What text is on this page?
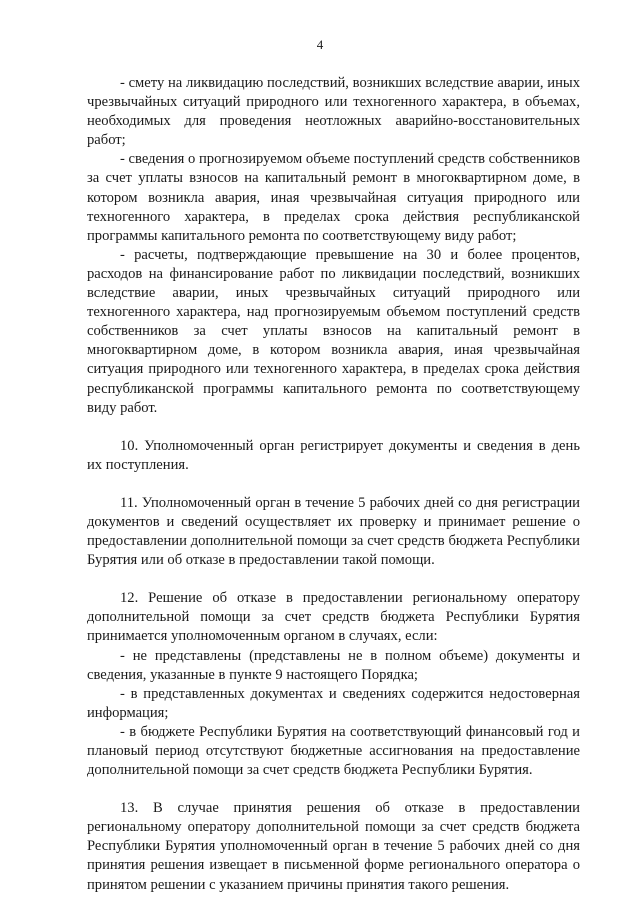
4

- смету на ликвидацию последствий, возникших вследствие аварии, иных чрезвычайных ситуаций природного или техногенного характера, в объемах, необходимых для проведения неотложных аварийно-восстановительных работ;

- сведения о прогнозируемом объеме поступлений средств собственников за счет уплаты взносов на капитальный ремонт в многоквартирном доме, в котором возникла авария, иная чрезвычайная ситуация природного или техногенного характера, в пределах срока действия республиканской программы капитального ремонта по соответствующему виду работ;

- расчеты, подтверждающие превышение на 30 и более процентов, расходов на финансирование работ по ликвидации последствий, возникших вследствие аварии, иных чрезвычайных ситуаций природного или техногенного характера, над прогнозируемым объемом поступлений средств собственников за счет уплаты взносов на капитальный ремонт в многоквартирном доме, в котором возникла авария, иная чрезвычайная ситуация природного или техногенного характера, в пределах срока действия республиканской программы капитального ремонта по соответствующему виду работ.

10. Уполномоченный орган регистрирует документы и сведения в день их поступления.

11. Уполномоченный орган в течение 5 рабочих дней со дня регистрации документов и сведений осуществляет их проверку и принимает решение о предоставлении дополнительной помощи за счет средств бюджета Республики Бурятия или об отказе в предоставлении такой помощи.

12. Решение об отказе в предоставлении региональному оператору дополнительной помощи за счет средств бюджета Республики Бурятия принимается уполномоченным органом в случаях, если:

- не представлены (представлены не в полном объеме) документы и сведения, указанные в пункте 9 настоящего Порядка;

- в представленных документах и сведениях содержится недостоверная информация;

- в бюджете Республики Бурятия на соответствующий финансовый год и плановый период отсутствуют бюджетные ассигнования на предоставление дополнительной помощи за счет средств бюджета Республики Бурятия.

13. В случае принятия решения об отказе в предоставлении региональному оператору дополнительной помощи за счет средств бюджета Республики Бурятия уполномоченный орган в течение 5 рабочих дней со дня принятия решения извещает в письменной форме регионального оператора о принятом решении с указанием причины принятия такого решения.
